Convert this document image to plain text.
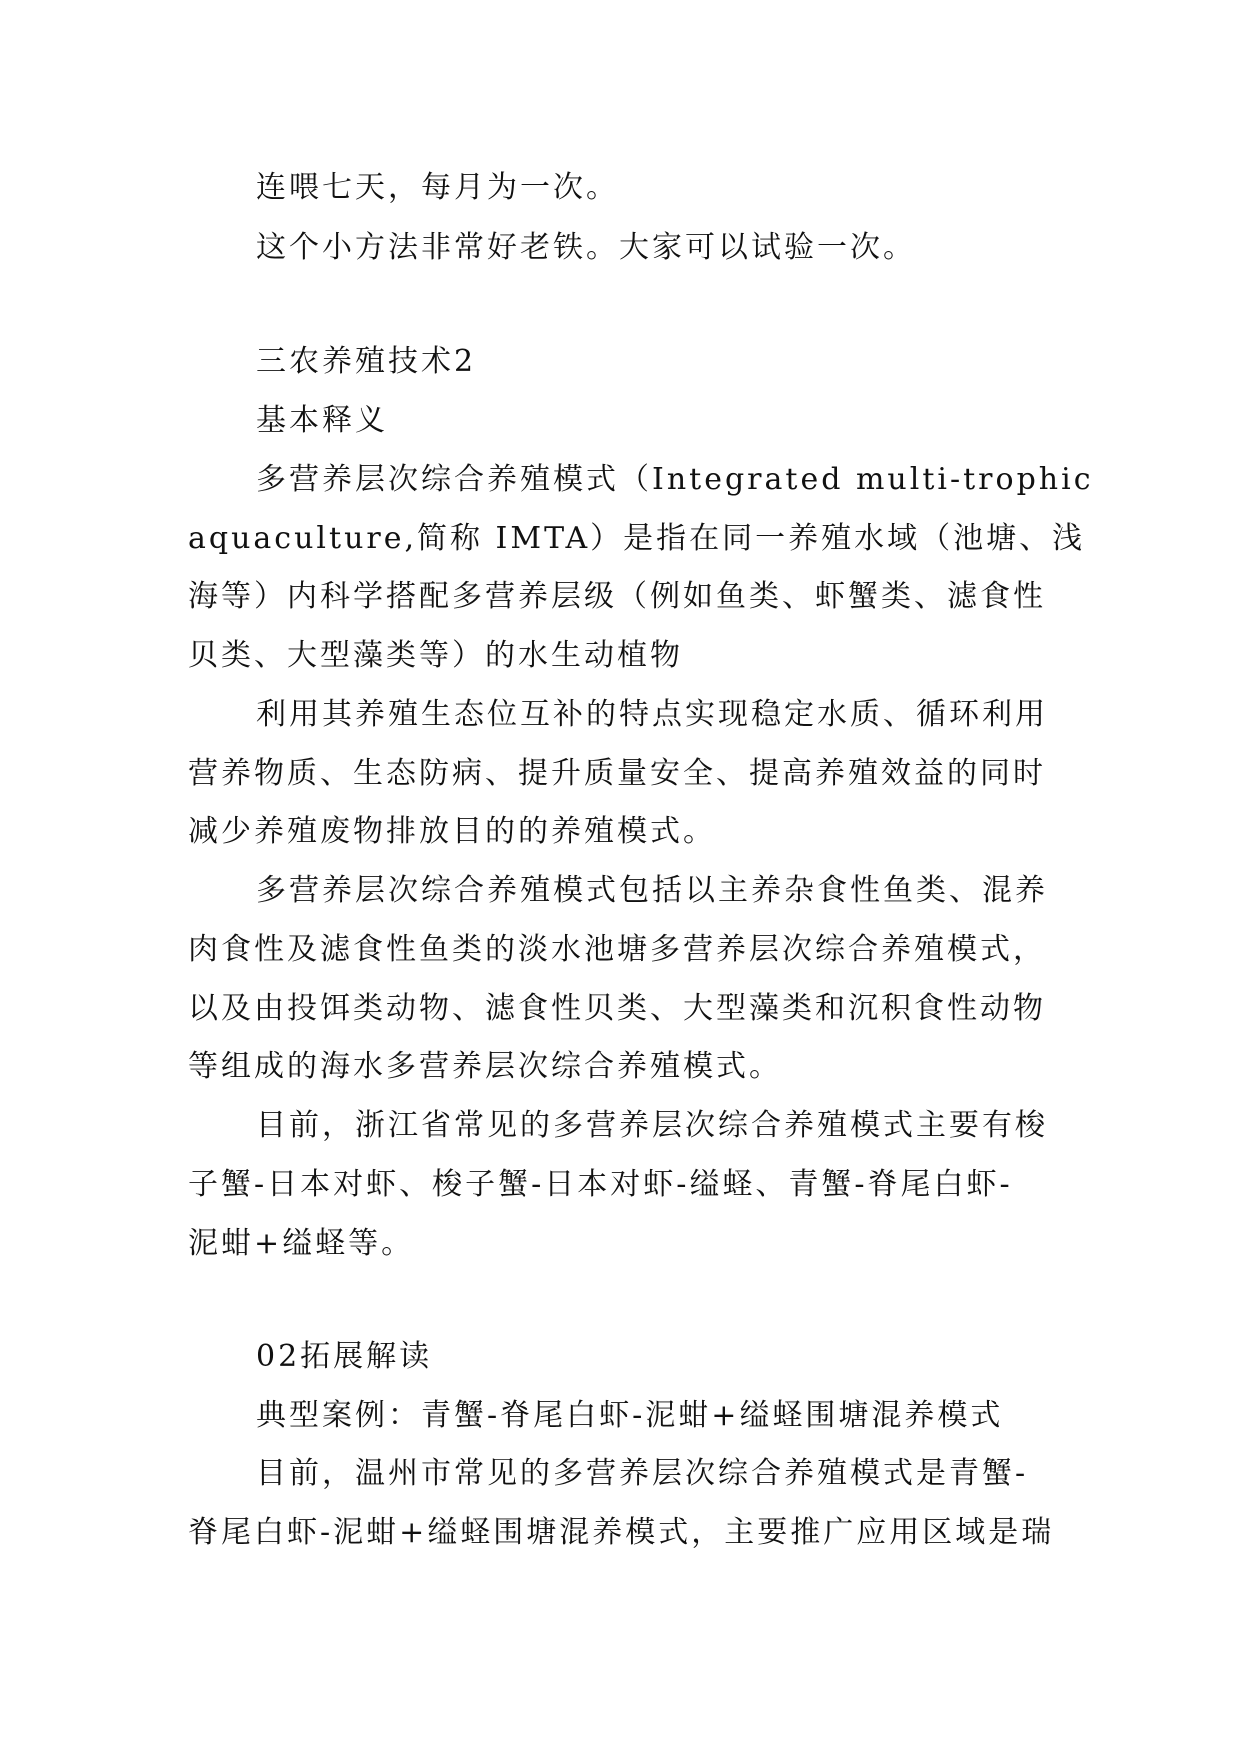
连喂七天，每月为一次。
这个小方法非常好老铁。大家可以试验一次。
三农养殖技术2
基本释义
多营养层次综合养殖模式（Integrated multi-trophic
aquaculture,简称 IMTA）是指在同一养殖水域（池塘、浅
海等）内科学搭配多营养层级（例如鱼类、虾蟹类、滤食性
贝类、大型藻类等）的水生动植物
利用其养殖生态位互补的特点实现稳定水质、循环利用
营养物质、生态防病、提升质量安全、提高养殖效益的同时
减少养殖废物排放目的的养殖模式。
多营养层次综合养殖模式包括以主养杂食性鱼类、混养
肉食性及滤食性鱼类的淡水池塘多营养层次综合养殖模式，
以及由投饵类动物、滤食性贝类、大型藻类和沉积食性动物
等组成的海水多营养层次综合养殖模式。
目前，浙江省常见的多营养层次综合养殖模式主要有梭
子蟹-日本对虾、梭子蟹-日本对虾-缢蛏、青蟹-脊尾白虾-
泥蚶+缢蛏等。
02拓展解读
典型案例：青蟹-脊尾白虾-泥蚶+缢蛏围塘混养模式
目前，温州市常见的多营养层次综合养殖模式是青蟹-
脊尾白虾-泥蚶+缢蛏围塘混养模式，主要推广应用区域是瑞
